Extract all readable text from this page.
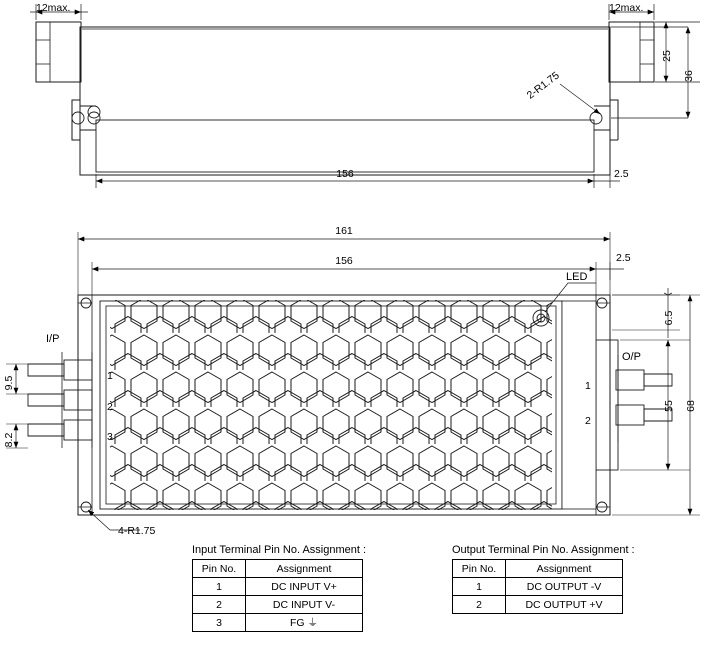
12max.	12max.
25
36
156	2.5
2-R1.75
161
156	2.5
6.5
55 68
9.5
8.2
4-R1.75
I/P
O/P
LED
1
2
3
1
2
Input Terminal Pin No. Assignment :
Pin No.	Assignment
1	DC INPUT V+
2	DC INPUT V-
3	FG ⏚
Output Terminal Pin No. Assignment :
Pin No.	Assignment
1	DC OUTPUT -V
2	DC OUTPUT +V
